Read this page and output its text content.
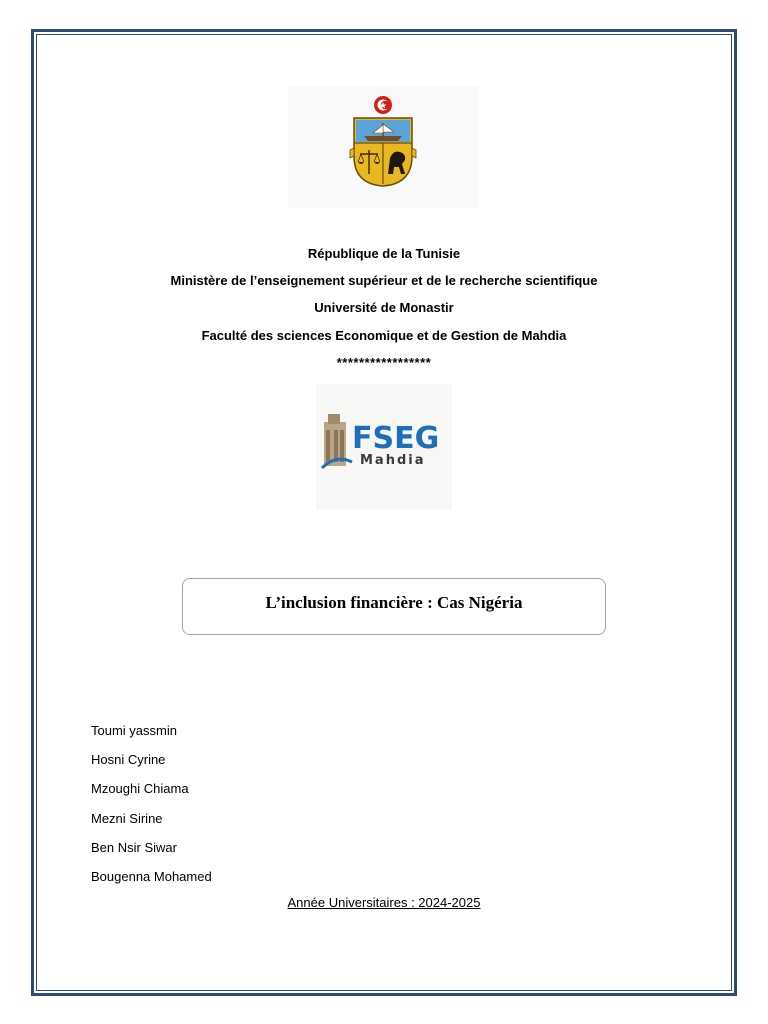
République de la Tunisie
Ministère de l’enseignement supérieur et de le recherche scientifique
Université de Monastir
Faculté des sciences Economique et de Gestion de Mahdia
*****************
FSEG
Mahdia
L’inclusion financière : Cas Nigéria
Toumi yassmin
Hosni Cyrine
Mzoughi Chiama
Mezni Sirine
Ben Nsir Siwar
Bougenna Mohamed
Année Universitaires : 2024-2025
